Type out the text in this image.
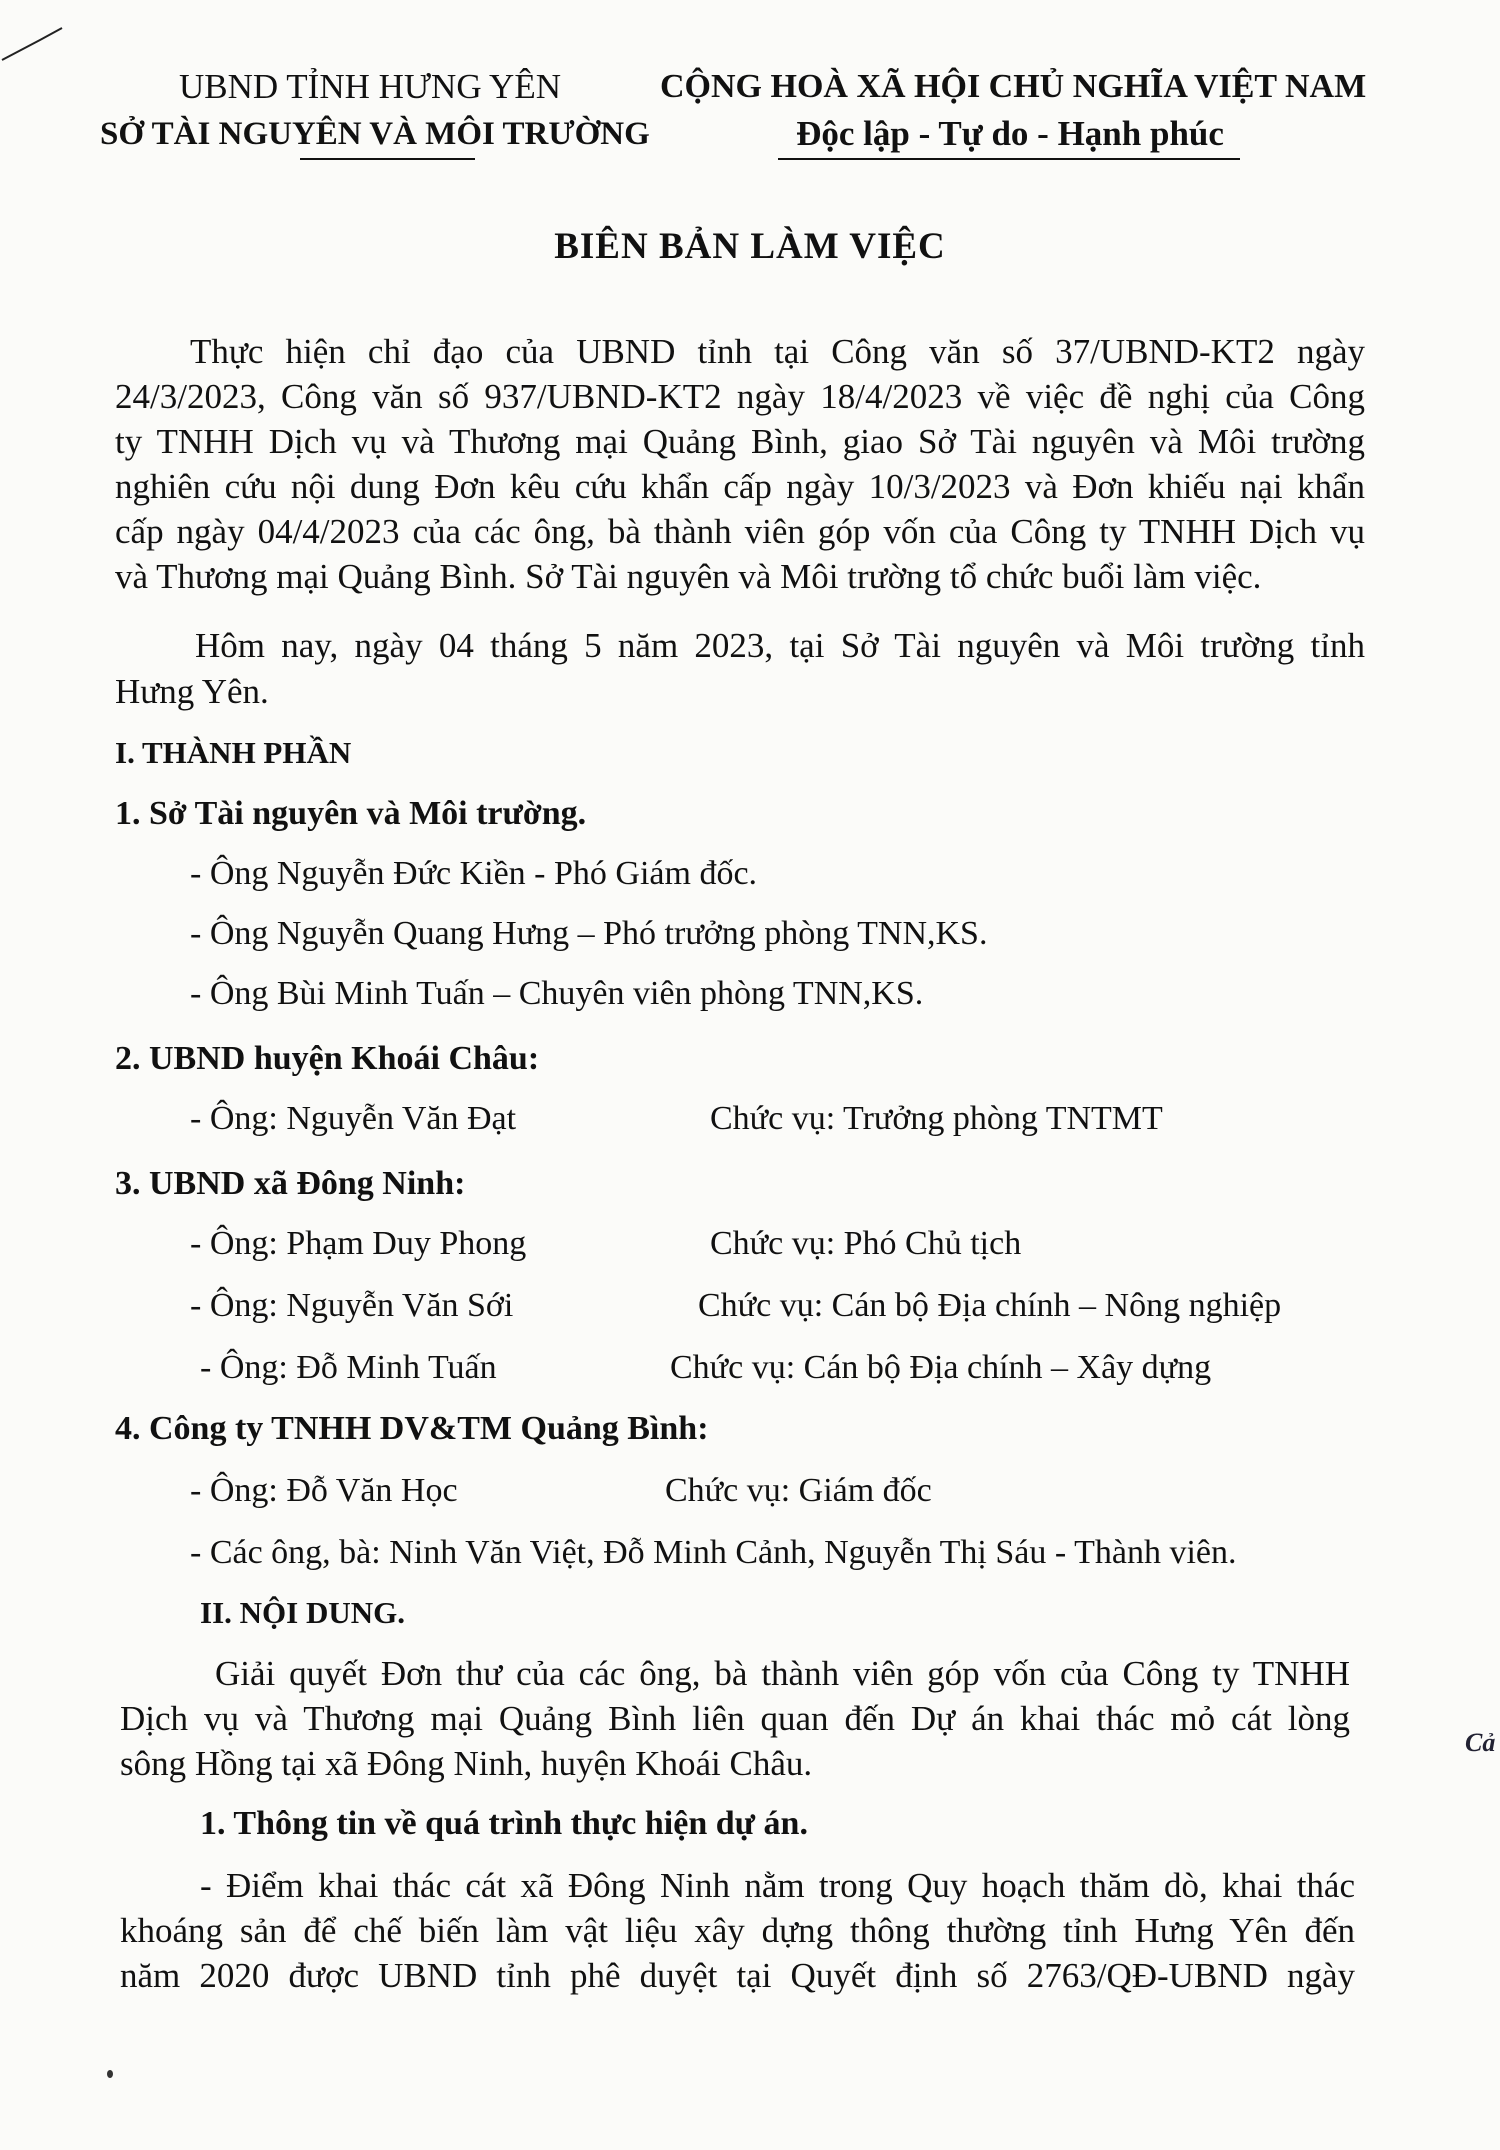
UBND TỈNH HƯNG YÊN
SỞ TÀI NGUYÊN VÀ MÔI TRƯỜNG
CỘNG HOÀ XÃ HỘI CHỦ NGHĨA VIỆT NAM
Độc lập - Tự do - Hạnh phúc
BIÊN BẢN LÀM VIỆC
Thực hiện chỉ đạo của UBND tỉnh tại Công văn số 37/UBND-KT2 ngày
24/3/2023, Công văn số 937/UBND-KT2 ngày 18/4/2023 về việc đề nghị của Công
ty TNHH Dịch vụ và Thương mại Quảng Bình, giao Sở Tài nguyên và Môi trường
nghiên cứu nội dung Đơn kêu cứu khẩn cấp ngày 10/3/2023 và Đơn khiếu nại khẩn
cấp ngày 04/4/2023 của các ông, bà thành viên góp vốn của Công ty TNHH Dịch vụ
và Thương mại Quảng Bình. Sở Tài nguyên và Môi trường tổ chức buổi làm việc.
Hôm nay, ngày 04 tháng 5 năm 2023, tại Sở Tài nguyên và Môi trường tỉnh
Hưng Yên.
I. THÀNH PHẦN
1. Sở Tài nguyên và Môi trường.
- Ông Nguyễn Đức Kiền - Phó Giám đốc.
- Ông Nguyễn Quang Hưng – Phó trưởng phòng TNN,KS.
- Ông Bùi Minh Tuấn – Chuyên viên phòng TNN,KS.
2. UBND huyện Khoái Châu:
- Ông: Nguyễn Văn Đạt	Chức vụ: Trưởng phòng TNTMT
3. UBND xã Đông Ninh:
- Ông: Phạm Duy Phong	Chức vụ: Phó Chủ tịch
- Ông: Nguyễn Văn Sới	Chức vụ: Cán bộ Địa chính – Nông nghiệp
- Ông: Đỗ Minh Tuấn	Chức vụ: Cán bộ Địa chính – Xây dựng
4. Công ty TNHH DV&TM Quảng Bình:
- Ông: Đỗ Văn Học	Chức vụ: Giám đốc
- Các ông, bà: Ninh Văn Việt, Đỗ Minh Cảnh, Nguyễn Thị Sáu - Thành viên.
II. NỘI DUNG.
Giải quyết Đơn thư của các ông, bà thành viên góp vốn của Công ty TNHH
Dịch vụ và Thương mại Quảng Bình liên quan đến Dự án khai thác mỏ cát lòng
sông Hồng tại xã Đông Ninh, huyện Khoái Châu.
1. Thông tin về quá trình thực hiện dự án.
- Điểm khai thác cát xã Đông Ninh nằm trong Quy hoạch thăm dò, khai thác
khoáng sản để chế biến làm vật liệu xây dựng thông thường tỉnh Hưng Yên đến
năm 2020 được UBND tỉnh phê duyệt tại Quyết định số 2763/QĐ-UBND ngày
Cả
